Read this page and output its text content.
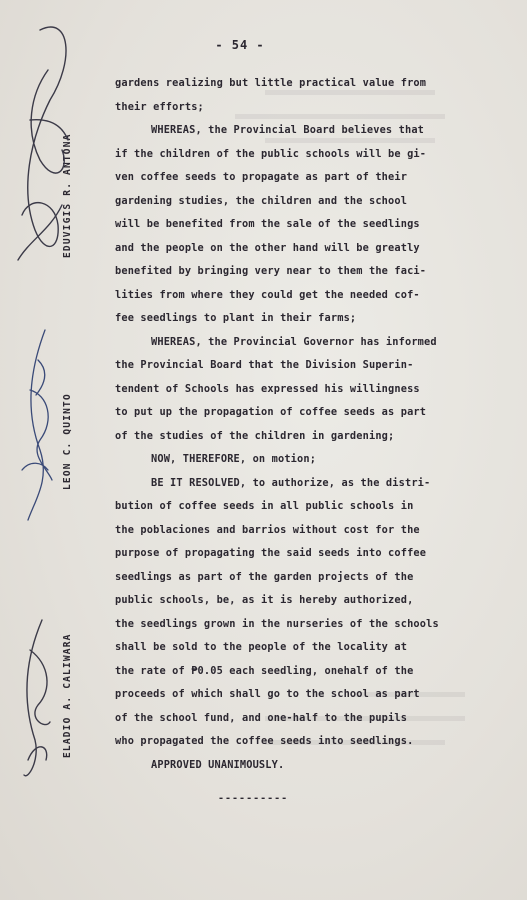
- 54 -
gardens realizing but little practical value from
their efforts;
WHEREAS, the Provincial Board believes that
if the children of the public schools will be gi-
ven coffee seeds to propagate as part of their
gardening studies, the children and the school
will be benefited from the sale of the seedlings
and the people on the other hand will be greatly
benefited by bringing very near to them the faci-
lities from where they could get the needed cof-
fee seedlings to plant in their farms;
WHEREAS, the Provincial Governor has informed
the Provincial Board that the Division Superin-
tendent of Schools has expressed his willingness
to put up the propagation of coffee seeds as part
of the studies of the children in gardening;
NOW, THEREFORE, on motion;
BE IT RESOLVED, to authorize, as the distri-
bution of coffee seeds in all public schools in
the poblaciones and barrios without cost for the
purpose of propagating the said seeds into coffee
seedlings as part of the garden projects of the
public schools, be, as it is hereby authorized,
the seedlings grown in the nurseries of the schools
shall be sold to the people of the locality at
the rate of ₱0.05 each seedling, onehalf of the
proceeds of which shall go to the school as part
of the school fund, and one-half to the pupils
who propagated the coffee seeds into seedlings.
APPROVED UNANIMOUSLY.
----------
EDUVIGIS R. ANTONA
LEON C. QUINTO
ELADIO A. CALIWARA
